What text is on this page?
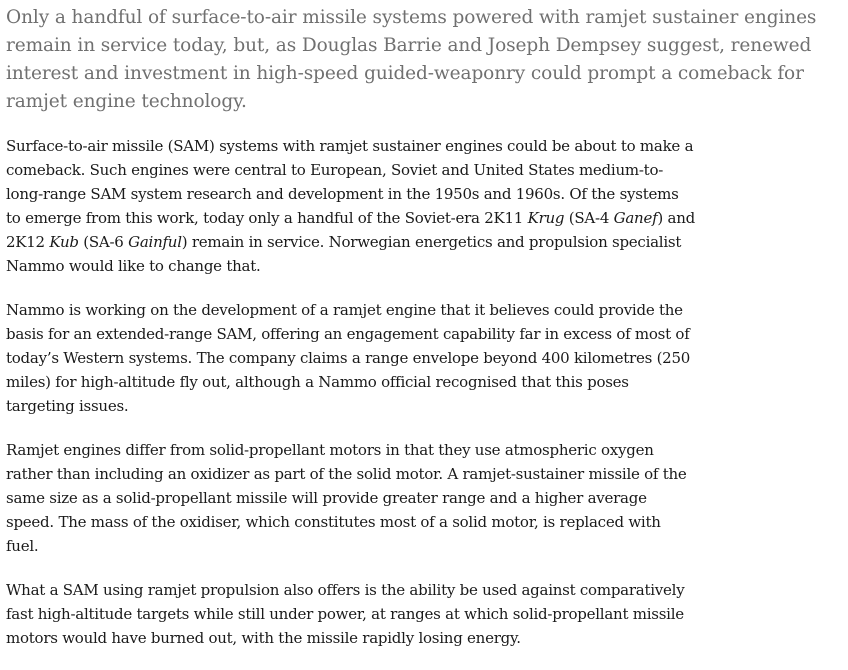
Only a handful of surface-to-air missile systems powered with ramjet sustainer engines remain in service today, but, as Douglas Barrie and Joseph Dempsey suggest, renewed interest and investment in high-speed guided-weaponry could prompt a comeback for ramjet engine technology.

Surface-to-air missile (SAM) systems with ramjet sustainer engines could be about to make a comeback. Such engines were central to European, Soviet and United States medium-to-long-range SAM system research and development in the 1950s and 1960s. Of the systems to emerge from this work, today only a handful of the Soviet-era 2K11 Krug (SA-4 Ganef) and 2K12 Kub (SA-6 Gainful) remain in service. Norwegian energetics and propulsion specialist Nammo would like to change that.

Nammo is working on the development of a ramjet engine that it believes could provide the basis for an extended-range SAM, offering an engagement capability far in excess of most of today’s Western systems. The company claims a range envelope beyond 400 kilometres (250 miles) for high-altitude fly out, although a Nammo official recognised that this poses targeting issues.

Ramjet engines differ from solid-propellant motors in that they use atmospheric oxygen rather than including an oxidizer as part of the solid motor. A ramjet-sustainer missile of the same size as a solid-propellant missile will provide greater range and a higher average speed. The mass of the oxidiser, which constitutes most of a solid motor, is replaced with fuel.

What a SAM using ramjet propulsion also offers is the ability be used against comparatively fast high-altitude targets while still under power, at ranges at which solid-propellant missile motors would have burned out, with the missile rapidly losing energy.
